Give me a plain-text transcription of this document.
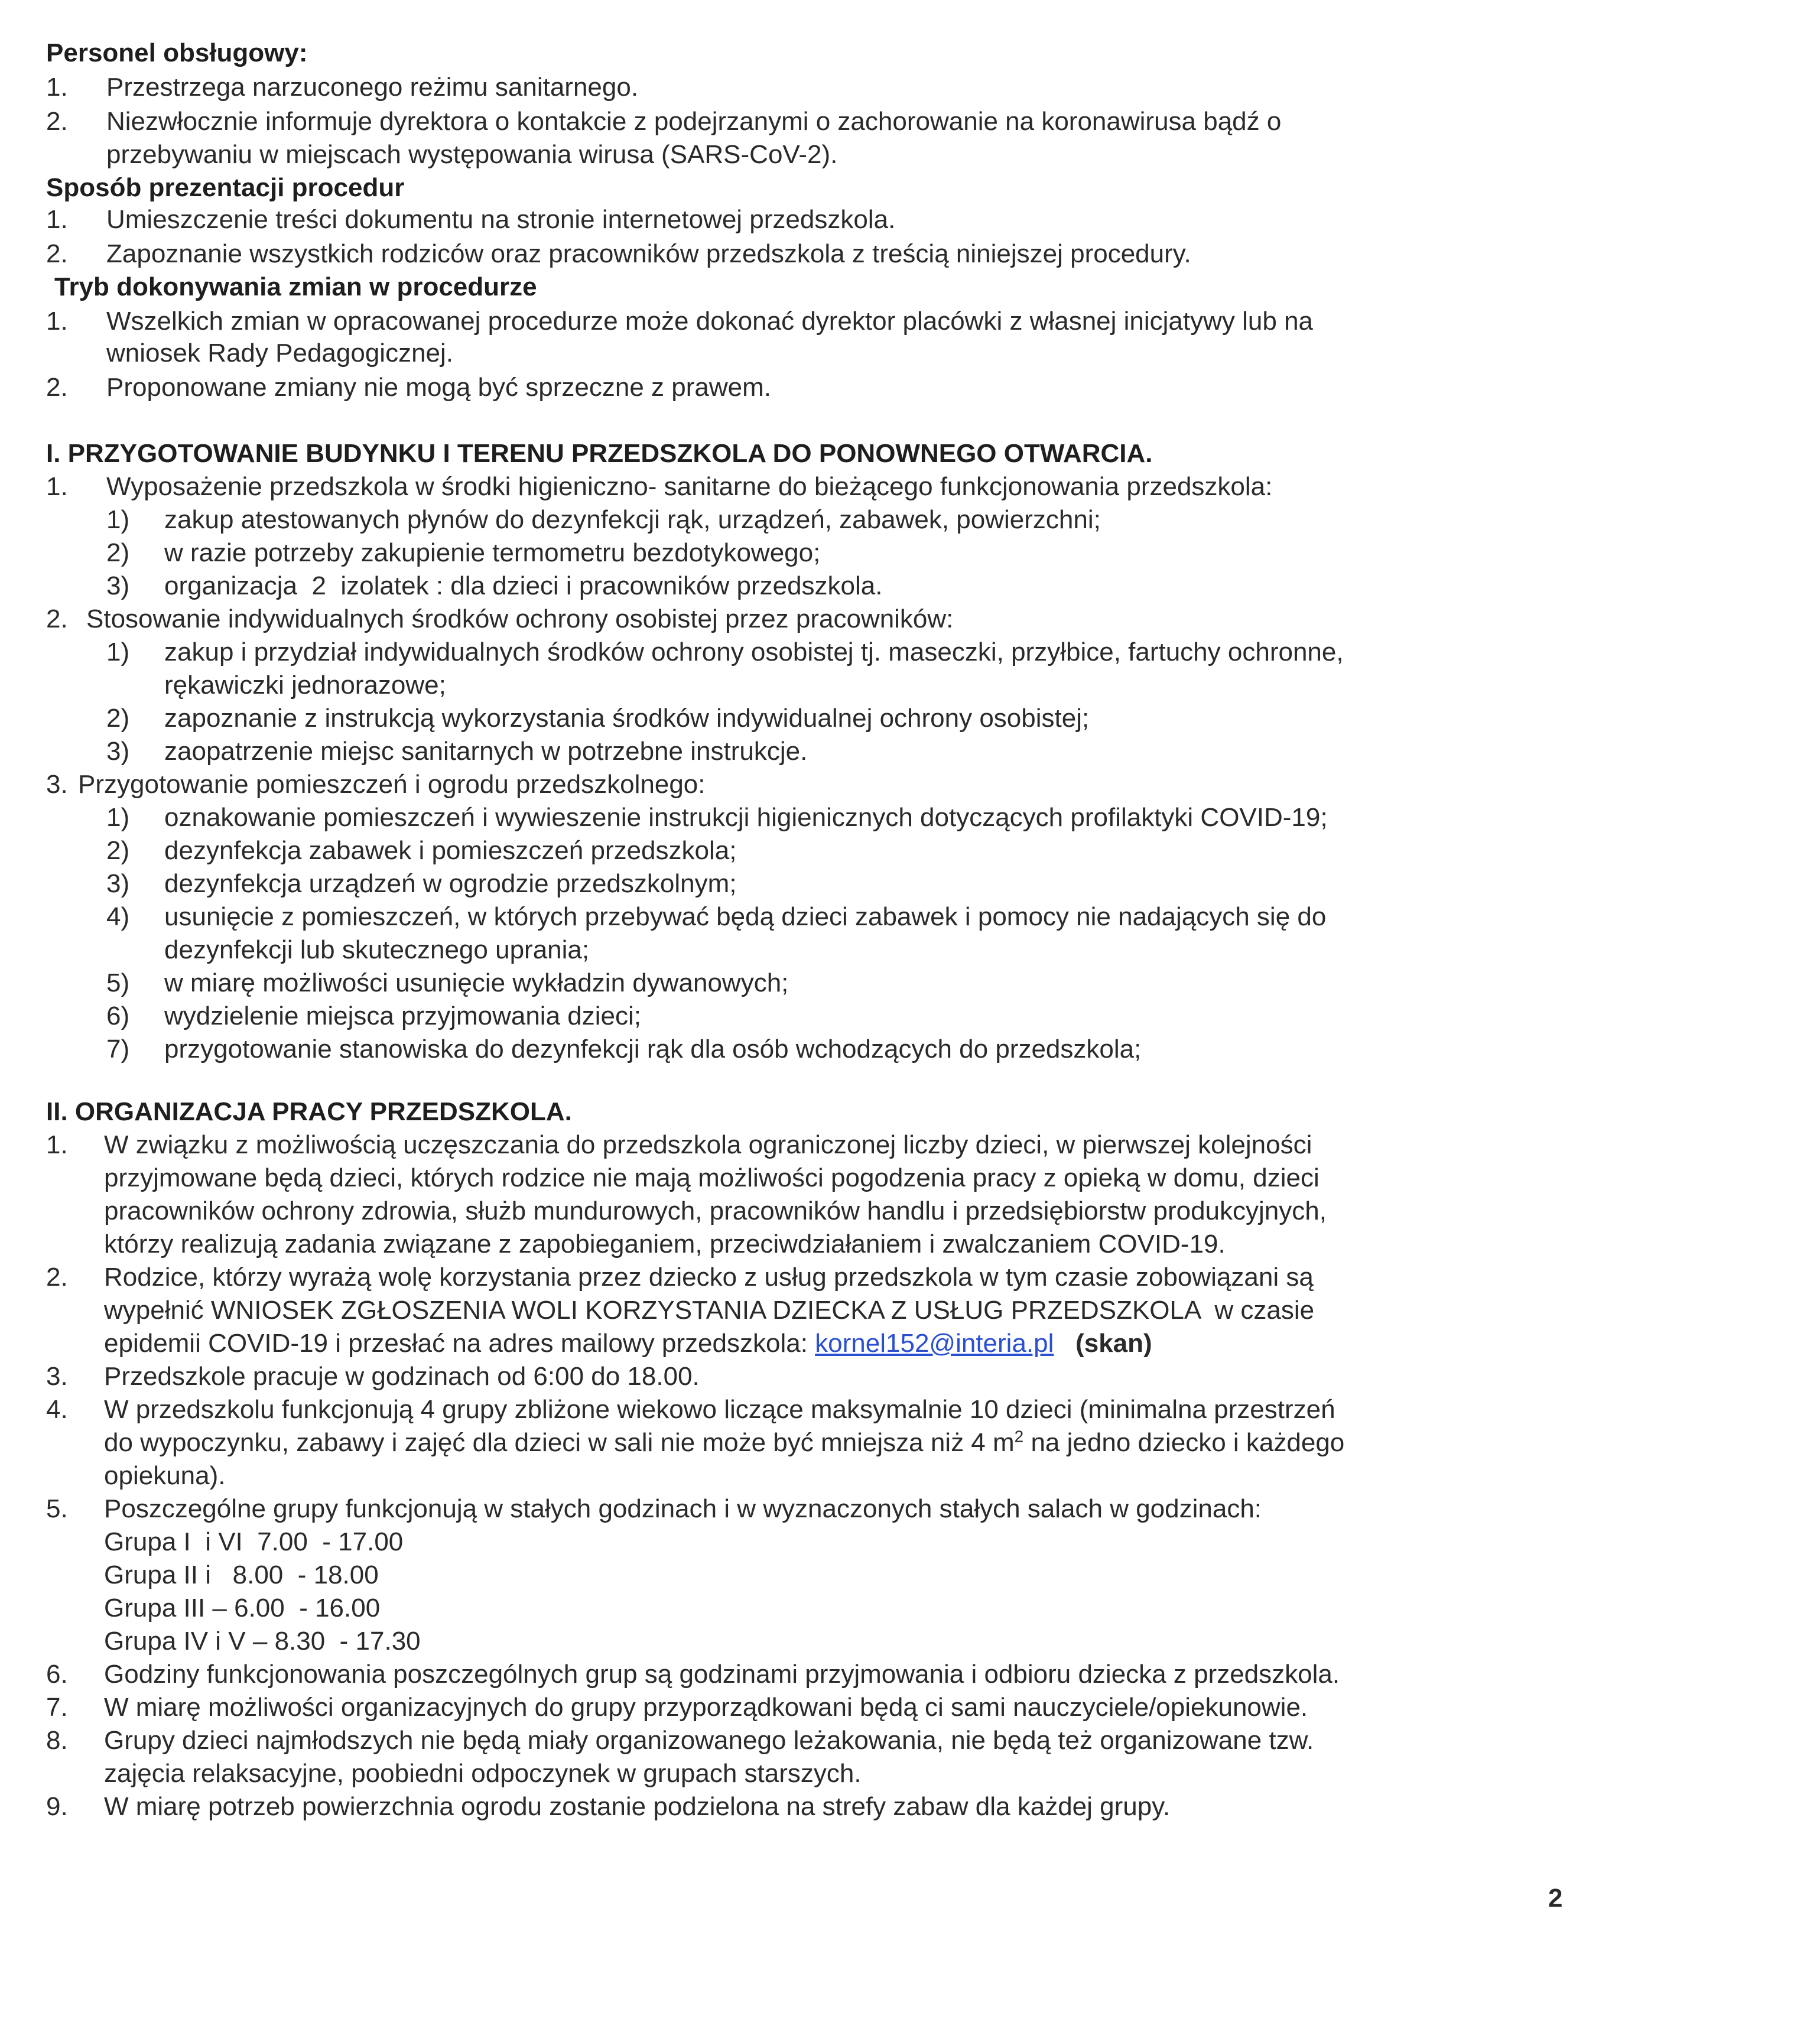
Personel obsługowy:
1. Przestrzega narzuconego reżimu sanitarnego.
2. Niezwłocznie informuje dyrektora o kontakcie z podejrzanymi o zachorowanie na koronawirusa bądź o
przebywaniu w miejscach występowania wirusa (SARS-CoV-2).
Sposób prezentacji procedur
1. Umieszczenie treści dokumentu na stronie internetowej przedszkola.
2. Zapoznanie wszystkich rodziców oraz pracowników przedszkola z treścią niniejszej procedury.
Tryb dokonywania zmian w procedurze
1. Wszelkich zmian w opracowanej procedurze może dokonać dyrektor placówki z własnej inicjatywy lub na
wniosek Rady Pedagogicznej.
2. Proponowane zmiany nie mogą być sprzeczne z prawem.
I. PRZYGOTOWANIE BUDYNKU I TERENU PRZEDSZKOLA DO PONOWNEGO OTWARCIA.
1. Wyposażenie przedszkola w środki higieniczno- sanitarne do bieżącego funkcjonowania przedszkola:
1) zakup atestowanych płynów do dezynfekcji rąk, urządzeń, zabawek, powierzchni;
2) w razie potrzeby zakupienie termometru bezdotykowego;
3) organizacja  2  izolatek : dla dzieci i pracowników przedszkola.
2. Stosowanie indywidualnych środków ochrony osobistej przez pracowników:
1) zakup i przydział indywidualnych środków ochrony osobistej tj. maseczki, przyłbice, fartuchy ochronne,
rękawiczki jednorazowe;
2) zapoznanie z instrukcją wykorzystania środków indywidualnej ochrony osobistej;
3) zaopatrzenie miejsc sanitarnych w potrzebne instrukcje.
3. Przygotowanie pomieszczeń i ogrodu przedszkolnego:
1) oznakowanie pomieszczeń i wywieszenie instrukcji higienicznych dotyczących profilaktyki COVID-19;
2) dezynfekcja zabawek i pomieszczeń przedszkola;
3) dezynfekcja urządzeń w ogrodzie przedszkolnym;
4) usunięcie z pomieszczeń, w których przebywać będą dzieci zabawek i pomocy nie nadających się do
dezynfekcji lub skutecznego uprania;
5) w miarę możliwości usunięcie wykładzin dywanowych;
6) wydzielenie miejsca przyjmowania dzieci;
7) przygotowanie stanowiska do dezynfekcji rąk dla osób wchodzących do przedszkola;
II. ORGANIZACJA PRACY PRZEDSZKOLA.
1. W związku z możliwością uczęszczania do przedszkola ograniczonej liczby dzieci, w pierwszej kolejności
przyjmowane będą dzieci, których rodzice nie mają możliwości pogodzenia pracy z opieką w domu, dzieci
pracowników ochrony zdrowia, służb mundurowych, pracowników handlu i przedsiębiorstw produkcyjnych,
którzy realizują zadania związane z zapobieganiem, przeciwdziałaniem i zwalczaniem COVID-19.
2. Rodzice, którzy wyrażą wolę korzystania przez dziecko z usług przedszkola w tym czasie zobowiązani są
wypełnić WNIOSEK ZGŁOSZENIA WOLI KORZYSTANIA DZIECKA Z USŁUG PRZEDSZKOLA  w czasie
epidemii COVID-19 i przesłać na adres mailowy przedszkola: kornel152@interia.pl (skan)
3. Przedszkole pracuje w godzinach od 6:00 do 18.00.
4. W przedszkolu funkcjonują 4 grupy zbliżone wiekowo liczące maksymalnie 10 dzieci (minimalna przestrzeń
do wypoczynku, zabawy i zajęć dla dzieci w sali nie może być mniejsza niż 4 $m^2$ na jedno dziecko i każdego
opiekuna).
5. Poszczególne grupy funkcjonują w stałych godzinach i w wyznaczonych stałych salach w godzinach:
Grupa I  i VI  7.00  - 17.00
Grupa II i   8.00  - 18.00
Grupa III – 6.00  - 16.00
Grupa IV i V – 8.30  - 17.30
6. Godziny funkcjonowania poszczególnych grup są godzinami przyjmowania i odbioru dziecka z przedszkola.
7. W miarę możliwości organizacyjnych do grupy przyporządkowani będą ci sami nauczyciele/opiekunowie.
8. Grupy dzieci najmłodszych nie będą miały organizowanego leżakowania, nie będą też organizowane tzw.
zajęcia relaksacyjne, poobiedni odpoczynek w grupach starszych.
9. W miarę potrzeb powierzchnia ogrodu zostanie podzielona na strefy zabaw dla każdej grupy.
2
